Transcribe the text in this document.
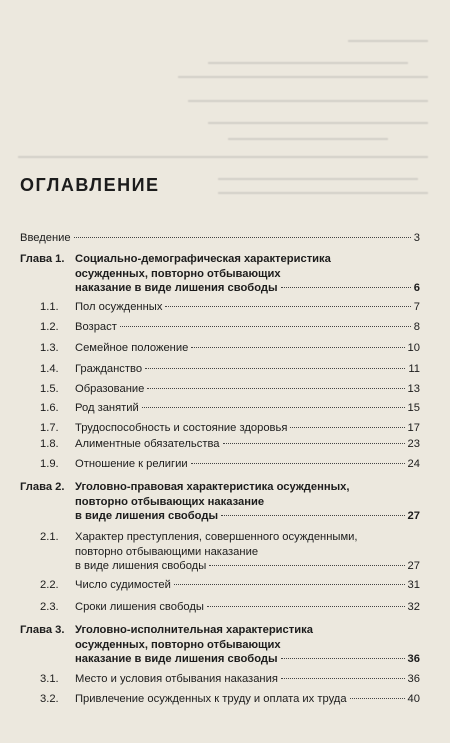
ОГЛАВЛЕНИЕ
Введение	3
Глава 1. Социально-демографическая характеристика
осужденных, повторно отбывающих
наказание в виде лишения свободы	6
1.1. Пол осужденных	7
1.2. Возраст	8
1.3. Семейное положение	10
1.4. Гражданство	11
1.5. Образование	13
1.6. Род занятий	15
1.7. Трудоспособность и состояние здоровья	17
1.8. Алиментные обязательства	23
1.9. Отношение к религии	24
Глава 2. Уголовно-правовая характеристика осужденных,
повторно отбывающих наказание
в виде лишения свободы	27
2.1. Характер преступления, совершенного осужденными,
повторно отбывающими наказание
в виде лишения свободы	27
2.2. Число судимостей	31
2.3. Сроки лишения свободы	32
Глава 3. Уголовно-исполнительная характеристика
осужденных, повторно отбывающих
наказание в виде лишения свободы	36
3.1. Место и условия отбывания наказания	36
3.2. Привлечение осужденных к труду и оплата их труда	40
